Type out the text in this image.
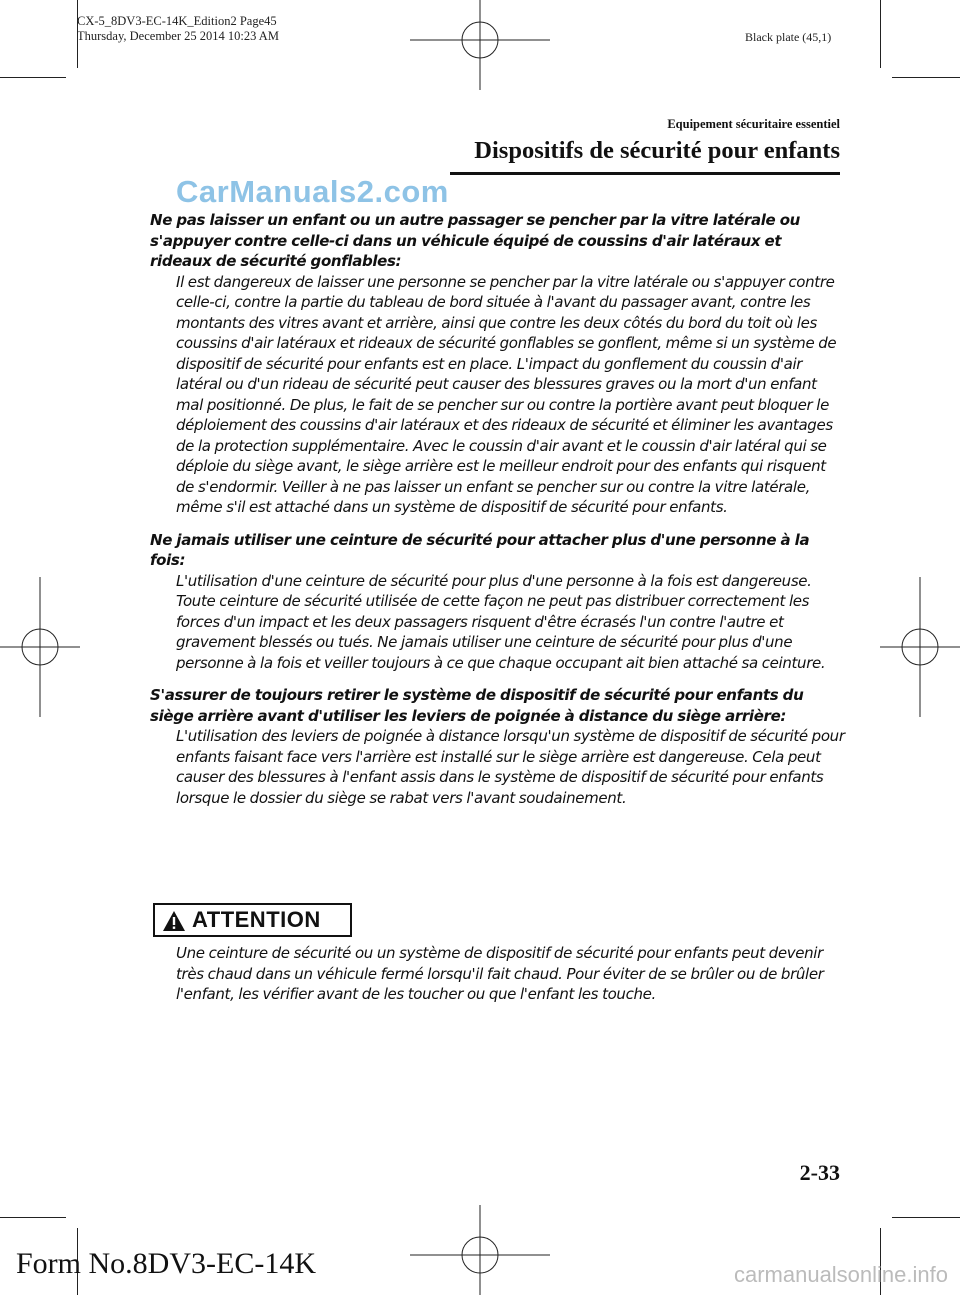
CX-5_8DV3-EC-14K_Edition2 Page45
Thursday, December 25 2014 10:23 AM	Black plate (45,1)
Equipement sécuritaire essentiel
Dispositifs de sécurité pour enfants
CarManuals2.com
Ne pas laisser un enfant ou un autre passager se pencher par la vitre latérale ou s'appuyer contre celle-ci dans un véhicule équipé de coussins d'air latéraux et rideaux de sécurité gonflables:
Il est dangereux de laisser une personne se pencher par la vitre latérale ou s'appuyer contre celle-ci, contre la partie du tableau de bord située à l'avant du passager avant, contre les montants des vitres avant et arrière, ainsi que contre les deux côtés du bord du toit où les coussins d'air latéraux et rideaux de sécurité gonflables se gonflent, même si un système de dispositif de sécurité pour enfants est en place. L'impact du gonflement du coussin d'air latéral ou d'un rideau de sécurité peut causer des blessures graves ou la mort d'un enfant mal positionné. De plus, le fait de se pencher sur ou contre la portière avant peut bloquer le déploiement des coussins d'air latéraux et des rideaux de sécurité et éliminer les avantages de la protection supplémentaire. Avec le coussin d'air avant et le coussin d'air latéral qui se déploie du siège avant, le siège arrière est le meilleur endroit pour des enfants qui risquent de s'endormir. Veiller à ne pas laisser un enfant se pencher sur ou contre la vitre latérale, même s'il est attaché dans un système de dispositif de sécurité pour enfants.
Ne jamais utiliser une ceinture de sécurité pour attacher plus d'une personne à la fois:
L'utilisation d'une ceinture de sécurité pour plus d'une personne à la fois est dangereuse. Toute ceinture de sécurité utilisée de cette façon ne peut pas distribuer correctement les forces d'un impact et les deux passagers risquent d'être écrasés l'un contre l'autre et gravement blessés ou tués. Ne jamais utiliser une ceinture de sécurité pour plus d'une personne à la fois et veiller toujours à ce que chaque occupant ait bien attaché sa ceinture.
S'assurer de toujours retirer le système de dispositif de sécurité pour enfants du siège arrière avant d'utiliser les leviers de poignée à distance du siège arrière:
L'utilisation des leviers de poignée à distance lorsqu'un système de dispositif de sécurité pour enfants faisant face vers l'arrière est installé sur le siège arrière est dangereuse. Cela peut causer des blessures à l'enfant assis dans le système de dispositif de sécurité pour enfants lorsque le dossier du siège se rabat vers l'avant soudainement.
ATTENTION
Une ceinture de sécurité ou un système de dispositif de sécurité pour enfants peut devenir très chaud dans un véhicule fermé lorsqu'il fait chaud. Pour éviter de se brûler ou de brûler l'enfant, les vérifier avant de les toucher ou que l'enfant les touche.
2-33
Form No.8DV3-EC-14K	carmanualsonline.info
